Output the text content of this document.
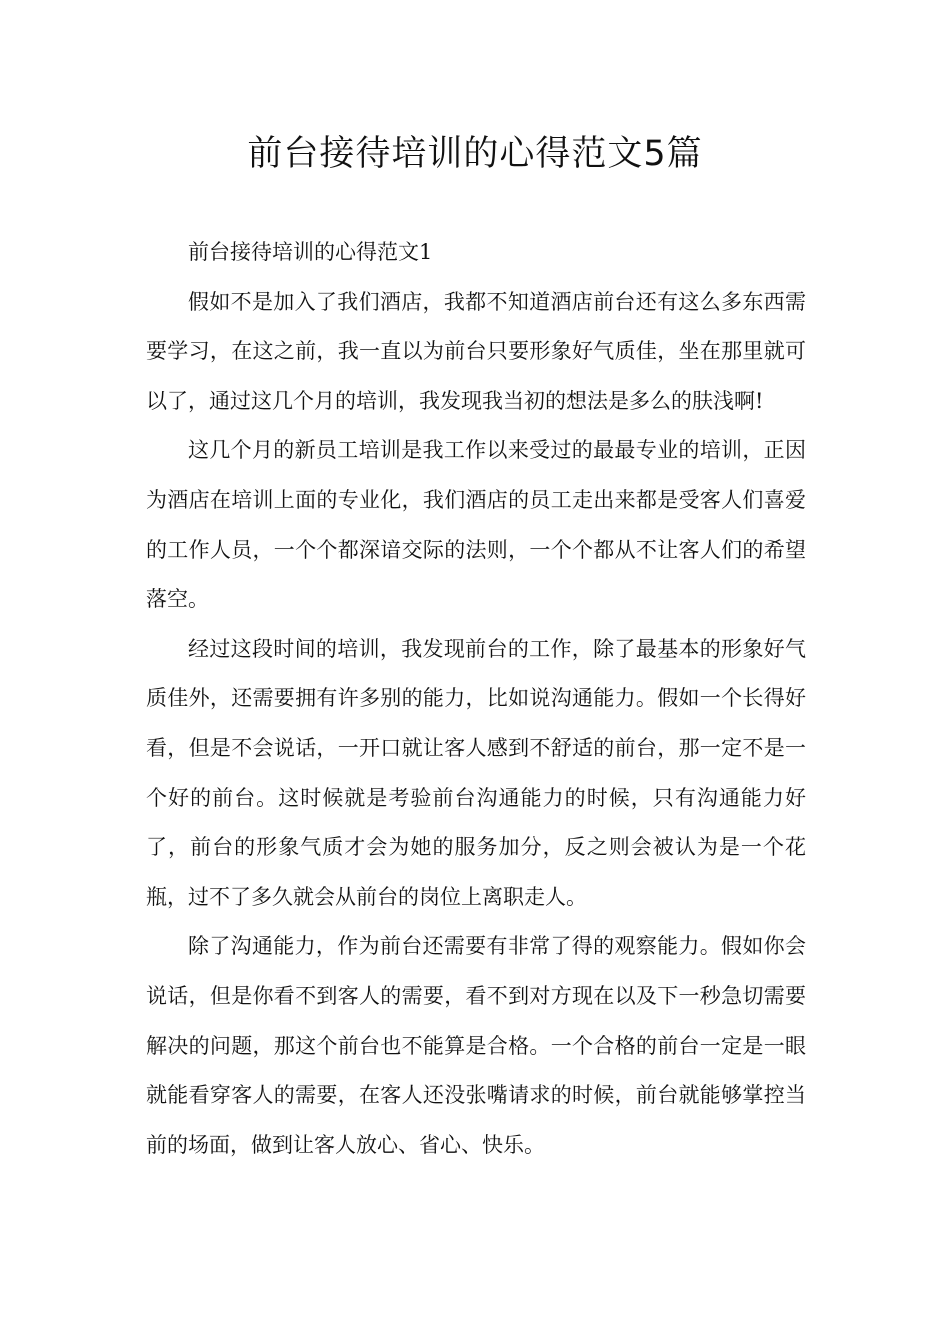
前台接待培训的心得范文5篇

前台接待培训的心得范文1

假如不是加入了我们酒店，我都不知道酒店前台还有这么多东西需要学习，在这之前，我一直以为前台只要形象好气质佳，坐在那里就可以了，通过这几个月的培训，我发现我当初的想法是多么的肤浅啊!

这几个月的新员工培训是我工作以来受过的最最专业的培训，正因为酒店在培训上面的专业化，我们酒店的员工走出来都是受客人们喜爱的工作人员，一个个都深谙交际的法则，一个个都从不让客人们的希望落空。

经过这段时间的培训，我发现前台的工作，除了最基本的形象好气质佳外，还需要拥有许多别的能力，比如说沟通能力。假如一个长得好看，但是不会说话，一开口就让客人感到不舒适的前台，那一定不是一个好的前台。这时候就是考验前台沟通能力的时候，只有沟通能力好了，前台的形象气质才会为她的服务加分，反之则会被认为是一个花瓶，过不了多久就会从前台的岗位上离职走人。

除了沟通能力，作为前台还需要有非常了得的观察能力。假如你会说话，但是你看不到客人的需要，看不到对方现在以及下一秒急切需要解决的问题，那这个前台也不能算是合格。一个合格的前台一定是一眼就能看穿客人的需要，在客人还没张嘴请求的时候，前台就能够掌控当前的场面，做到让客人放心、省心、快乐。
